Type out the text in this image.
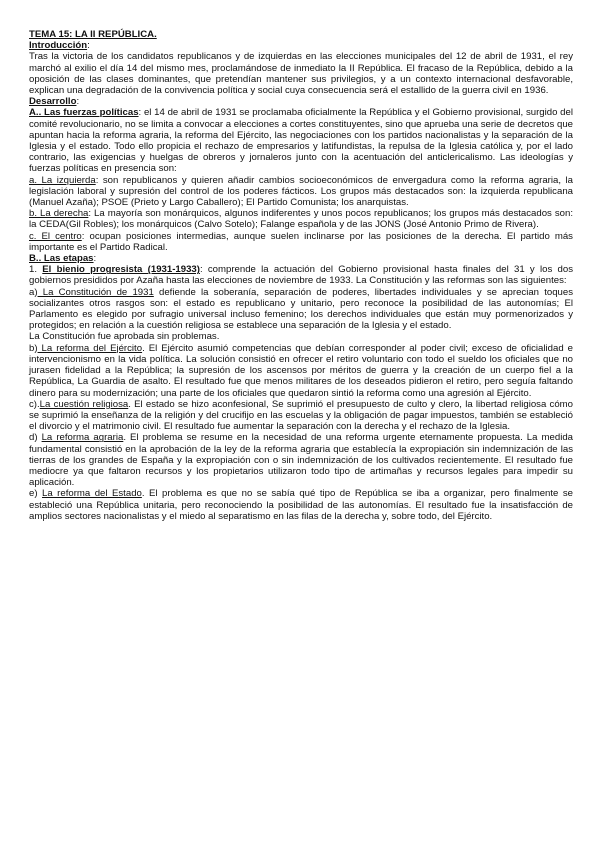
TEMA 15: LA II REPÚBLICA.

Introducción:

Tras la victoria de los candidatos republicanos y de izquierdas en las elecciones municipales del 12 de abril de 1931, el rey marchó al exilio el día 14 del mismo mes, proclamándose de inmediato la II República. El fracaso de la República, debido a la oposición de las clases dominantes, que pretendían mantener sus privilegios, y a un contexto internacional desfavorable, explican una degradación de la convivencia política y social cuya consecuencia será el estallido de la guerra civil en 1936.

Desarrollo:

A.. Las fuerzas políticas: el 14 de abril de 1931 se proclamaba oficialmente la República y el Gobierno provisional, surgido del comité revolucionario, no se limita a convocar a elecciones a cortes constituyentes, sino que aprueba una serie de decretos que apuntan hacia la reforma agraria, la reforma del Ejército, las negociaciones con los partidos nacionalistas y la separación de la Iglesia y el estado. Todo ello propicia el rechazo de empresarios y latifundistas, la repulsa de la Iglesia católica y, por el lado contrario, las exigencias y huelgas de obreros y jornaleros junto con la acentuación del anticlericalismo. Las ideologías y fuerzas políticas en presencia son:

a. La izquierda: son republicanos y quieren añadir cambios socioeconómicos de envergadura como la reforma agraria, la legislación laboral y supresión del control de los poderes fácticos. Los grupos más destacados son: la izquierda republicana (Manuel Azaña); PSOE (Prieto y Largo Caballero); El Partido Comunista; los anarquistas.

b. La derecha: La mayoría son monárquicos, algunos indiferentes y unos pocos republicanos; los grupos más destacados son: la CEDA(Gil Robles); los monárquicos (Calvo Sotelo); Falange española y de las JONS (José Antonio Primo de Rivera).

c. El centro: ocupan posiciones intermedias, aunque suelen inclinarse por las posiciones de la derecha. El partido más importante es el Partido Radical.

B.. Las etapas:

1. El bienio progresista (1931-1933): comprende la actuación del Gobierno provisional hasta finales del 31 y los dos gobiernos presididos por Azaña hasta las elecciones de noviembre de 1933. La Constitución y las reformas son las siguientes:

a) La Constitución de 1931 defiende la soberanía, separación de poderes, libertades individuales y se aprecian toques socializantes otros rasgos son: el estado es republicano y unitario, pero reconoce la posibilidad de las autonomías; El Parlamento es elegido por sufragio universal incluso femenino; los derechos individuales que están muy pormenorizados y protegidos; en relación a la cuestión religiosa se establece una separación de la Iglesia y el estado.

La Constitución fue aprobada sin problemas.

b) La reforma del Ejército. El Ejército asumió competencias que debían corresponder al poder civil; exceso de oficialidad e intervencionismo en la vida política. La solución consistió en ofrecer el retiro voluntario con todo el sueldo los oficiales que no jurasen fidelidad a la República; la supresión de los ascensos por méritos de guerra y la creación de un cuerpo fiel a la República, La Guardia de asalto. El resultado fue que menos militares de los deseados pidieron el retiro, pero seguía faltando dinero para su modernización; una parte de los oficiales que quedaron sintió la reforma como una agresión al Ejército.

c).La cuestión religiosa. El estado se hizo aconfesional, Se suprimió el presupuesto de culto y clero, la libertad religiosa cómo se suprimió la enseñanza de la religión y del crucifijo en las escuelas y la obligación de pagar impuestos, también se estableció el divorcio y el matrimonio civil. El resultado fue aumentar la separación con la derecha y el rechazo de la Iglesia.

d) La reforma agraria. El problema se resume en la necesidad de una reforma urgente eternamente propuesta. La medida fundamental consistió en la aprobación de la ley de la reforma agraria que establecía la expropiación sin indemnización de las tierras de los grandes de España y la expropiación con o sin indemnización de los cultivados recientemente. El resultado fue mediocre ya que faltaron recursos y los propietarios utilizaron todo tipo de artimañas y recursos legales para impedir su aplicación.

e) La reforma del Estado. El problema es que no se sabía qué tipo de República se iba a organizar, pero finalmente se estableció una República unitaria, pero reconociendo la posibilidad de las autonomías. El resultado fue la insatisfacción de amplios sectores nacionalistas y el miedo al separatismo en las filas de la derecha y, sobre todo, del Ejército.
